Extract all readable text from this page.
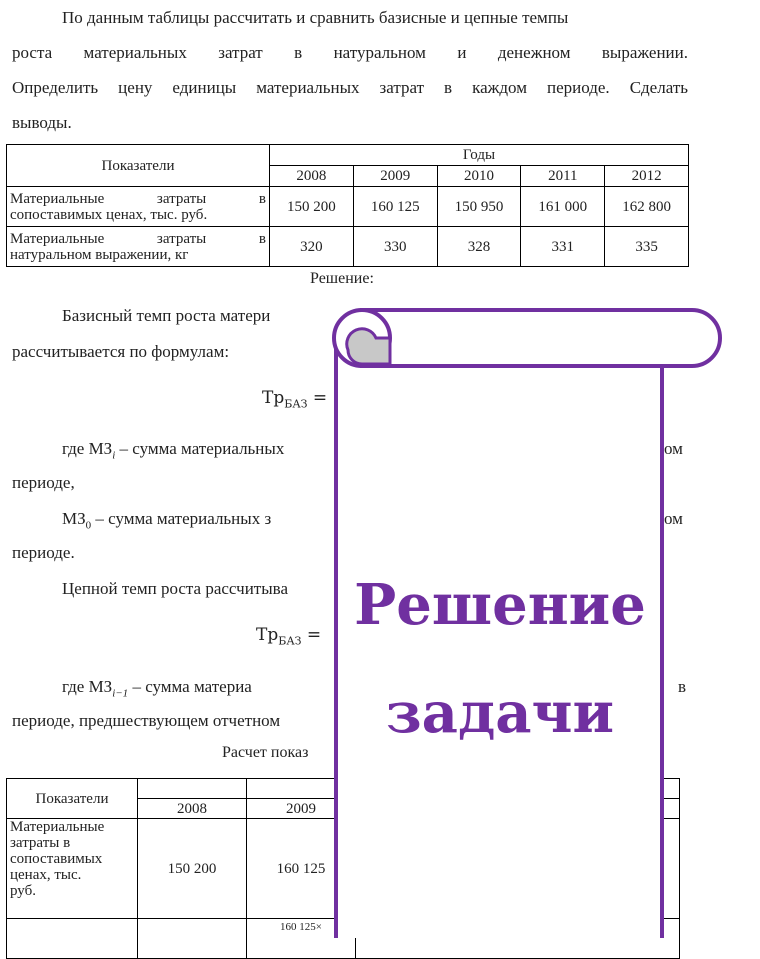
По данным таблицы рассчитать и сравнить базисные и цепные темпы
роста материальных затрат в натуральном и денежном выражении.
Определить цену единицы материальных затрат в каждом периоде. Сделать
выводы.
Показатели	Годы				
	2008	2009	2010	2011	2012

Материальные затраты в
сопоставимых ценах, тыс. руб.	150 200	160 125	150 950	161 000	162 800

Материальные затраты в
натуральном выражении, кг	320	330	328	331	335
Решение:
Базисный темп роста матери
рассчитывается по формулам:
$Тр_{БАЗ}$ =
где $МЗ_i$ – сумма материальных	ом
периоде,
$МЗ_0$ – сумма материальных з	ом
периоде.
Цепной темп роста рассчитыва
$Тр_{БАЗ}$ =
где $МЗ_{i-1}$ – сумма материа	в
периоде, предшествующем отчетном
Расчет показ
Показатели			
	2008	2009	

Материальные
затраты в
сопоставимых
ценах, тыс.
руб.	150 200	160 125	
		160 125×	
Решение
задачи
